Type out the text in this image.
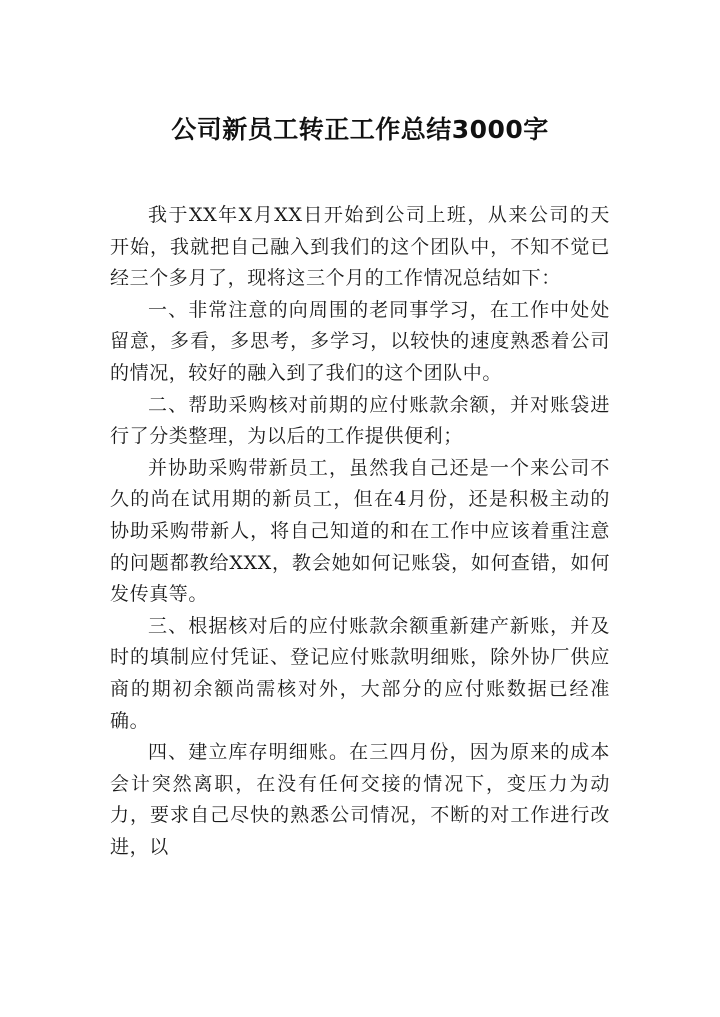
公司新员工转正工作总结3000字

我于XX年X月XX日开始到公司上班，从来公司的天开始，我就把自己融入到我们的这个团队中，不知不觉已经三个多月了，现将这三个月的工作情况总结如下：

一、非常注意的向周围的老同事学习，在工作中处处留意，多看，多思考，多学习，以较快的速度熟悉着公司的情况，较好的融入到了我们的这个团队中。

二、帮助采购核对前期的应付账款余额，并对账袋进行了分类整理，为以后的工作提供便利；

并协助采购带新员工，虽然我自己还是一个来公司不久的尚在试用期的新员工，但在4月份，还是积极主动的协助采购带新人，将自己知道的和在工作中应该着重注意的问题都教给XXX，教会她如何记账袋，如何查错，如何发传真等。

三、根据核对后的应付账款余额重新建产新账，并及时的填制应付凭证、登记应付账款明细账，除外协厂供应商的期初余额尚需核对外，大部分的应付账数据已经准确。

四、建立库存明细账。在三四月份，因为原来的成本会计突然离职，在没有任何交接的情况下，变压力为动力，要求自己尽快的熟悉公司情况，不断的对工作进行改进，以
